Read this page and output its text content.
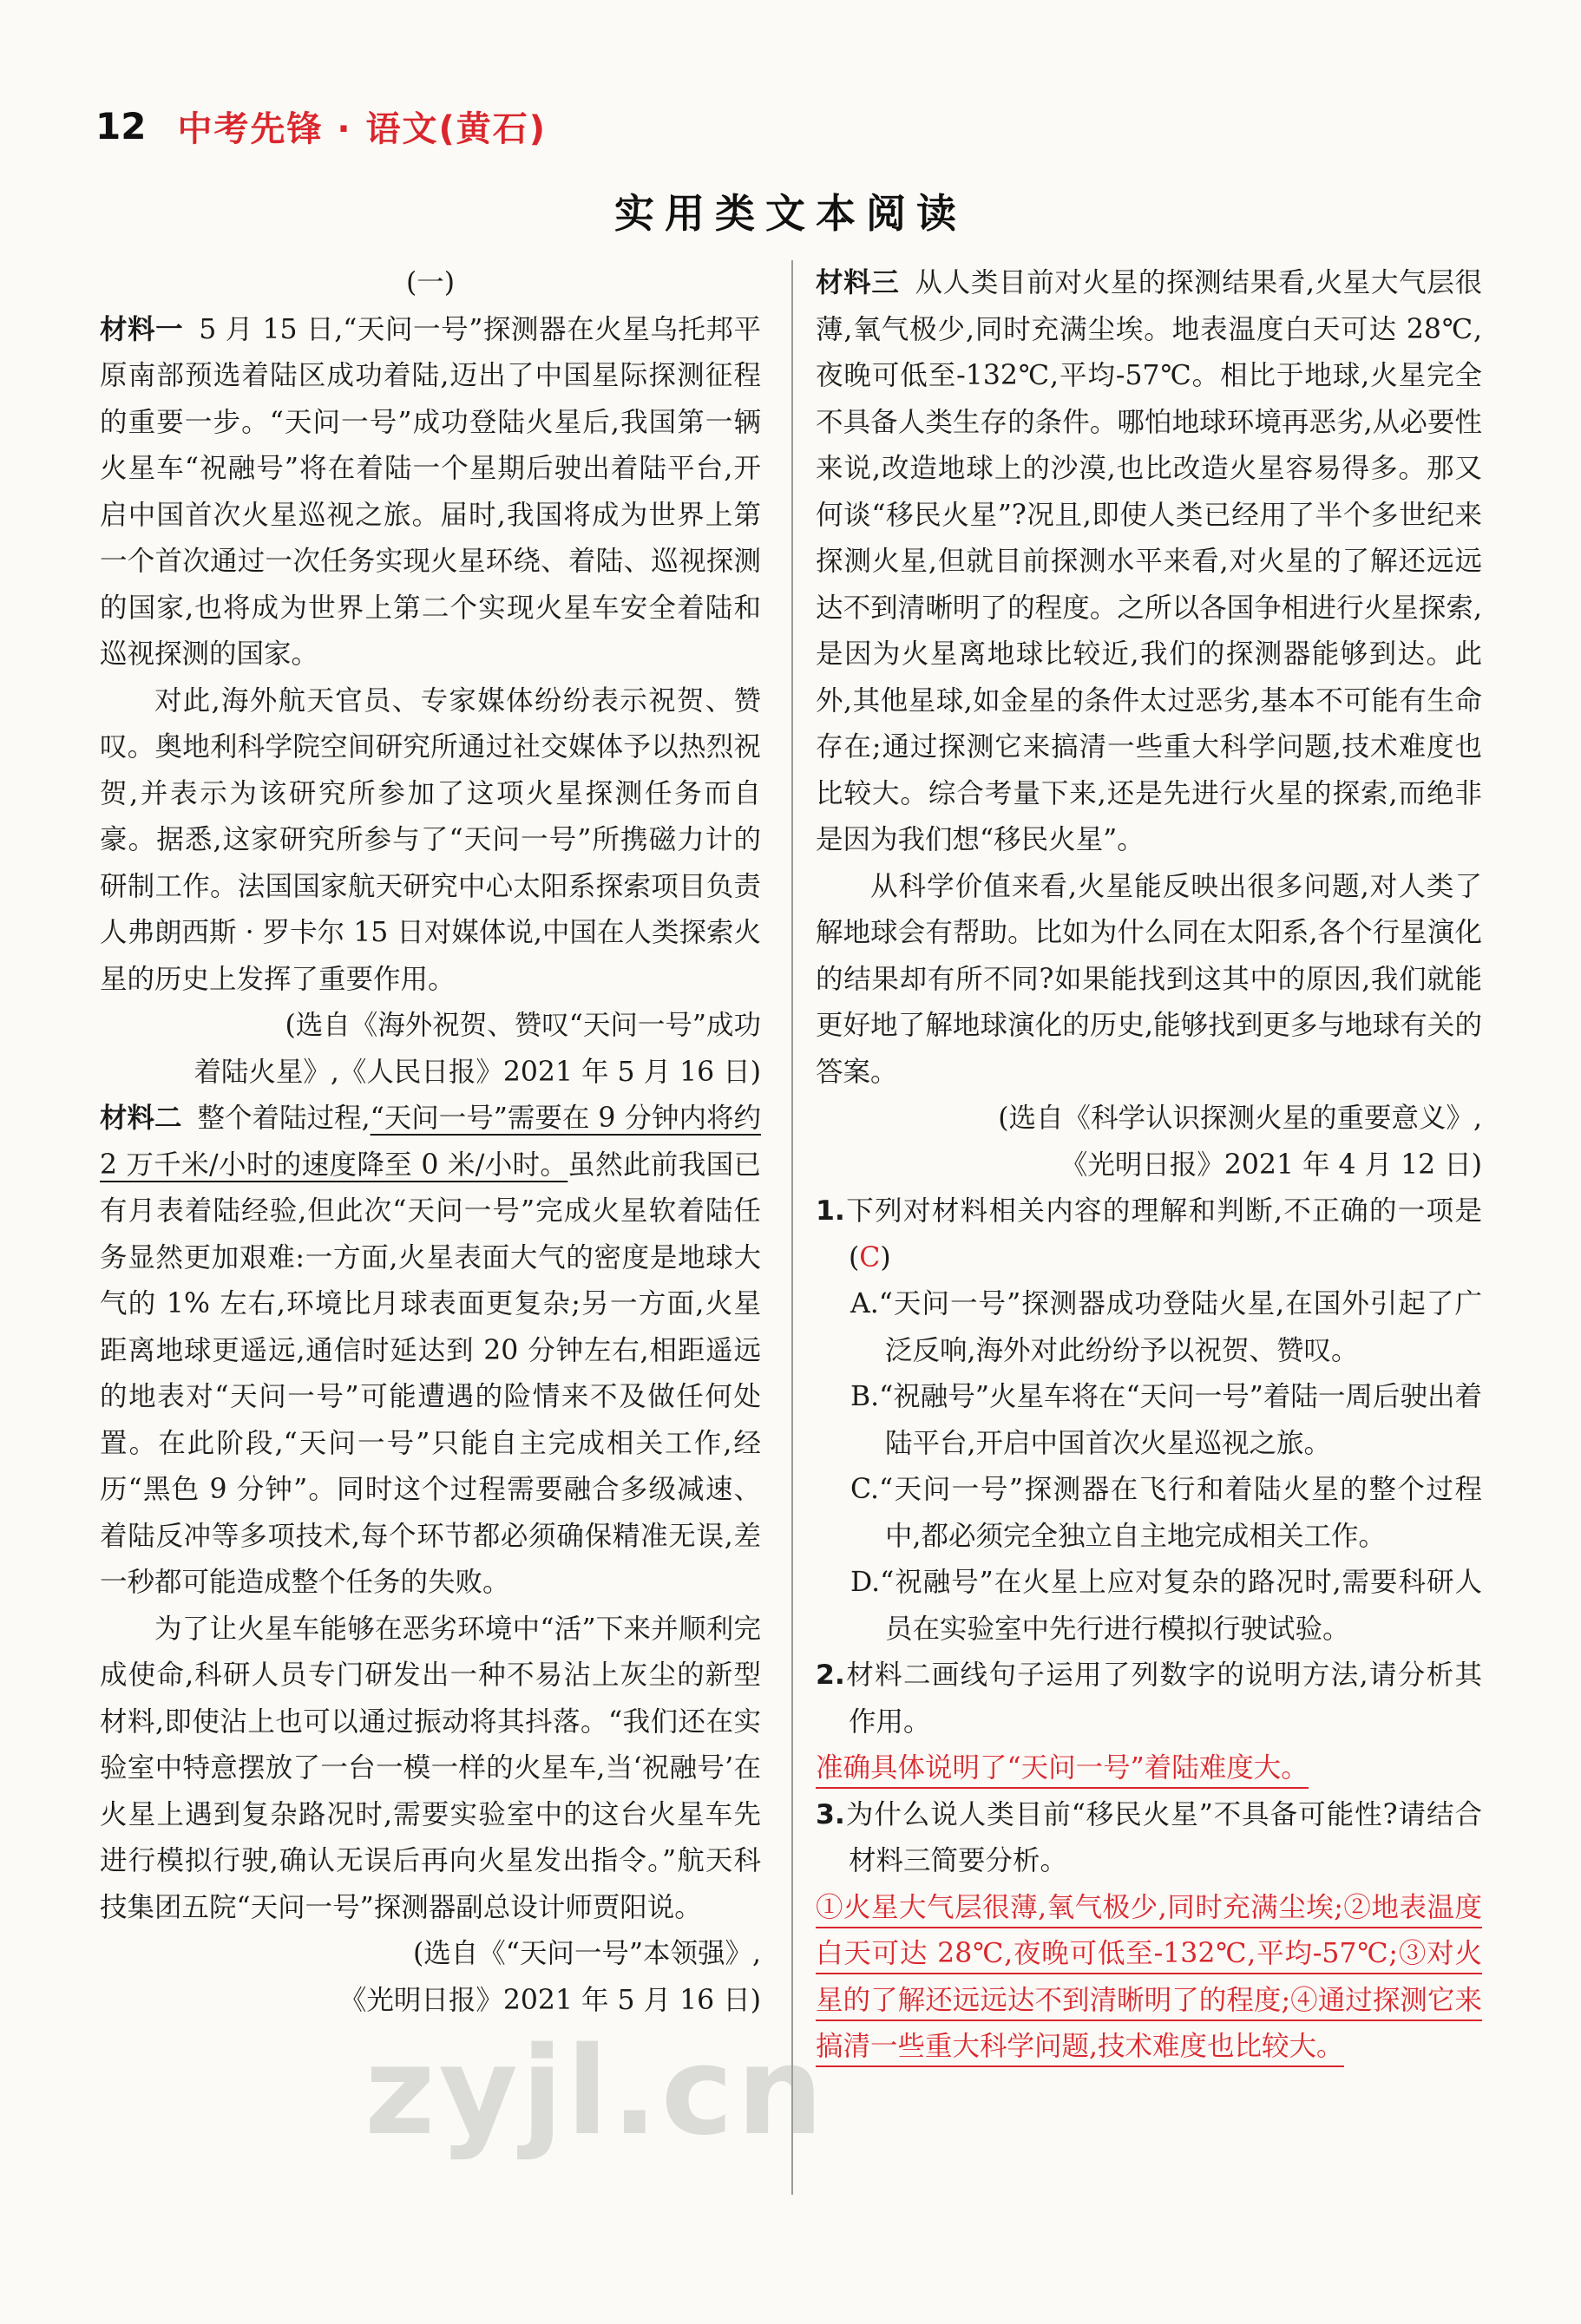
12 中考先锋 · 语文(黄石)
实用类文本阅读

(一)

材料一 5 月 15 日,“天问一号”探测器在火星乌托邦平原南部预选着陆区成功着陆,迈出了中国星际探测征程的重要一步。“天问一号”成功登陆火星后,我国第一辆火星车“祝融号”将在着陆一个星期后驶出着陆平台,开启中国首次火星巡视之旅。届时,我国将成为世界上第一个首次通过一次任务实现火星环绕、着陆、巡视探测的国家,也将成为世界上第二个实现火星车安全着陆和巡视探测的国家。

对此,海外航天官员、专家媒体纷纷表示祝贺、赞叹。奥地利科学院空间研究所通过社交媒体予以热烈祝贺,并表示为该研究所参加了这项火星探测任务而自豪。据悉,这家研究所参与了“天问一号”所携磁力计的研制工作。法国国家航天研究中心太阳系探索项目负责人弗朗西斯 · 罗卡尔 15 日对媒体说,中国在人类探索火星的历史上发挥了重要作用。

(选自《海外祝贺、赞叹“天问一号”成功

着陆火星》,《人民日报》2021 年 5 月 16 日)

材料二 整个着陆过程,“天问一号”需要在 9 分钟内将约 2 万千米/小时的速度降至 0 米/小时。虽然此前我国已有月表着陆经验,但此次“天问一号”完成火星软着陆任务显然更加艰难:一方面,火星表面大气的密度是地球大气的 1% 左右,环境比月球表面更复杂;另一方面,火星距离地球更遥远,通信时延达到 20 分钟左右,相距遥远的地表对“天问一号”可能遭遇的险情来不及做任何处置。在此阶段,“天问一号”只能自主完成相关工作,经历“黑色 9 分钟”。同时这个过程需要融合多级减速、着陆反冲等多项技术,每个环节都必须确保精准无误,差一秒都可能造成整个任务的失败。

为了让火星车能够在恶劣环境中“活”下来并顺利完成使命,科研人员专门研发出一种不易沾上灰尘的新型材料,即使沾上也可以通过振动将其抖落。“我们还在实验室中特意摆放了一台一模一样的火星车,当‘祝融号’在火星上遇到复杂路况时,需要实验室中的这台火星车先进行模拟行驶,确认无误后再向火星发出指令。”航天科技集团五院“天问一号”探测器副总设计师贾阳说。

(选自《“天问一号”本领强》,

《光明日报》2021 年 5 月 16 日)

材料三 从人类目前对火星的探测结果看,火星大气层很薄,氧气极少,同时充满尘埃。地表温度白天可达 28℃,夜晚可低至-132℃,平均-57℃。相比于地球,火星完全不具备人类生存的条件。哪怕地球环境再恶劣,从必要性来说,改造地球上的沙漠,也比改造火星容易得多。那又何谈“移民火星”?况且,即使人类已经用了半个多世纪来探测火星,但就目前探测水平来看,对火星的了解还远远达不到清晰明了的程度。之所以各国争相进行火星探索,是因为火星离地球比较近,我们的探测器能够到达。此外,其他星球,如金星的条件太过恶劣,基本不可能有生命存在;通过探测它来搞清一些重大科学问题,技术难度也比较大。综合考量下来,还是先进行火星的探索,而绝非是因为我们想“移民火星”。

从科学价值来看,火星能反映出很多问题,对人类了解地球会有帮助。比如为什么同在太阳系,各个行星演化的结果却有所不同?如果能找到这其中的原因,我们就能更好地了解地球演化的历史,能够找到更多与地球有关的答案。

(选自《科学认识探测火星的重要意义》,

《光明日报》2021 年 4 月 12 日)

1.下列对材料相关内容的理解和判断,不正确的一项是(C)

A.“天问一号”探测器成功登陆火星,在国外引起了广泛反响,海外对此纷纷予以祝贺、赞叹。

B.“祝融号”火星车将在“天问一号”着陆一周后驶出着陆平台,开启中国首次火星巡视之旅。

C.“天问一号”探测器在飞行和着陆火星的整个过程中,都必须完全独立自主地完成相关工作。

D.“祝融号”在火星上应对复杂的路况时,需要科研人员在实验室中先行进行模拟行驶试验。

2.材料二画线句子运用了列数字的说明方法,请分析其作用。

准确具体说明了“天问一号”着陆难度大。

3.为什么说人类目前“移民火星”不具备可能性?请结合材料三简要分析。

①火星大气层很薄,氧气极少,同时充满尘埃;②地表温度白天可达 28℃,夜晚可低至-132℃,平均-57℃;③对火星的了解还远远达不到清晰明了的程度;④通过探测它来搞清一些重大科学问题,技术难度也比较大。

zyjl.cn
